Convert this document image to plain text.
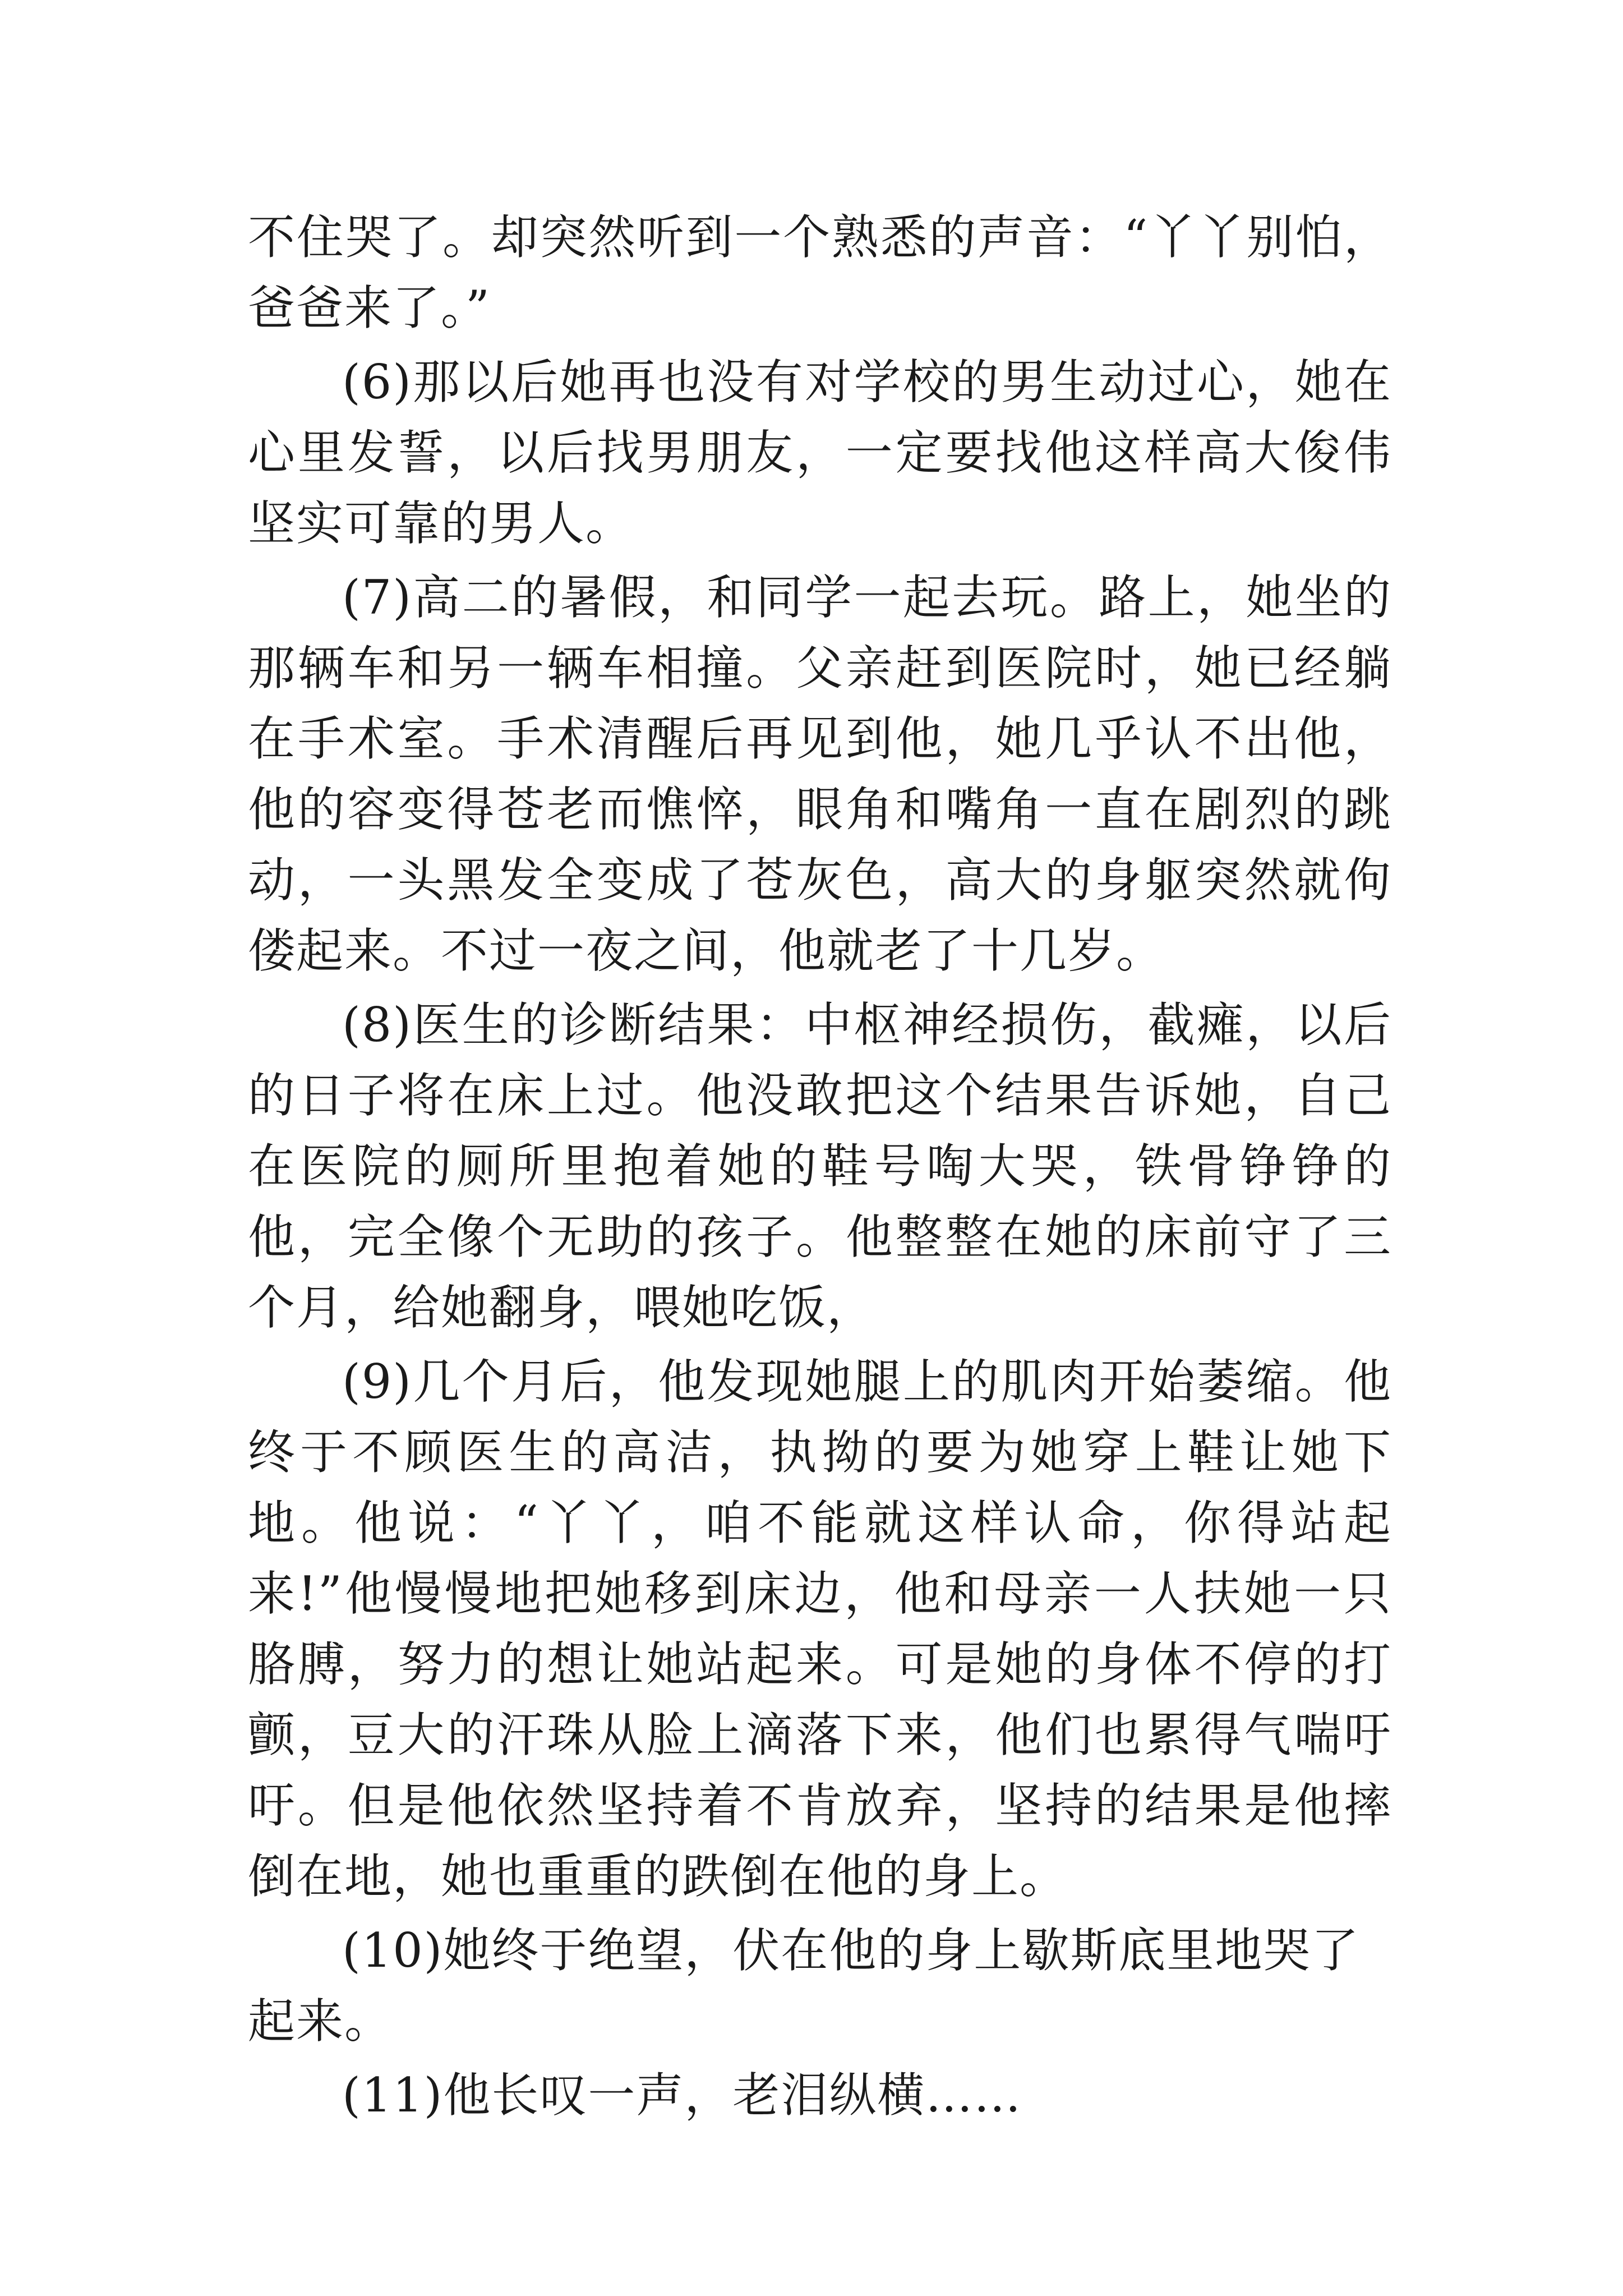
不住哭了。却突然听到一个熟悉的声音：“丫丫别怕，爸爸来了。”

(6)那以后她再也没有对学校的男生动过心，她在心里发誓，以后找男朋友，一定要找他这样高大俊伟坚实可靠的男人。

(7)高二的暑假，和同学一起去玩。路上，她坐的那辆车和另一辆车相撞。父亲赶到医院时，她已经躺在手术室。手术清醒后再见到他，她几乎认不出他，他的容变得苍老而憔悴，眼角和嘴角一直在剧烈的跳动，一头黑发全变成了苍灰色，高大的身躯突然就佝偻起来。不过一夜之间，他就老了十几岁。

(8)医生的诊断结果：中枢神经损伤，截瘫，以后的日子将在床上过。他没敢把这个结果告诉她，自己在医院的厕所里抱着她的鞋号啕大哭，铁骨铮铮的他，完全像个无助的孩子。他整整在她的床前守了三个月，给她翻身，喂她吃饭，

(9)几个月后，他发现她腿上的肌肉开始萎缩。他终于不顾医生的高洁，执拗的要为她穿上鞋让她下地。他说：“丫丫，咱不能就这样认命，你得站起来!”他慢慢地把她移到床边，他和母亲一人扶她一只胳膊，努力的想让她站起来。可是她的身体不停的打颤，豆大的汗珠从脸上滴落下来，他们也累得气喘吁吁。但是他依然坚持着不肯放弃，坚持的结果是他摔倒在地，她也重重的跌倒在他的身上。

(10)她终于绝望，伏在他的身上歇斯底里地哭了起来。

(11)他长叹一声，老泪纵横……
